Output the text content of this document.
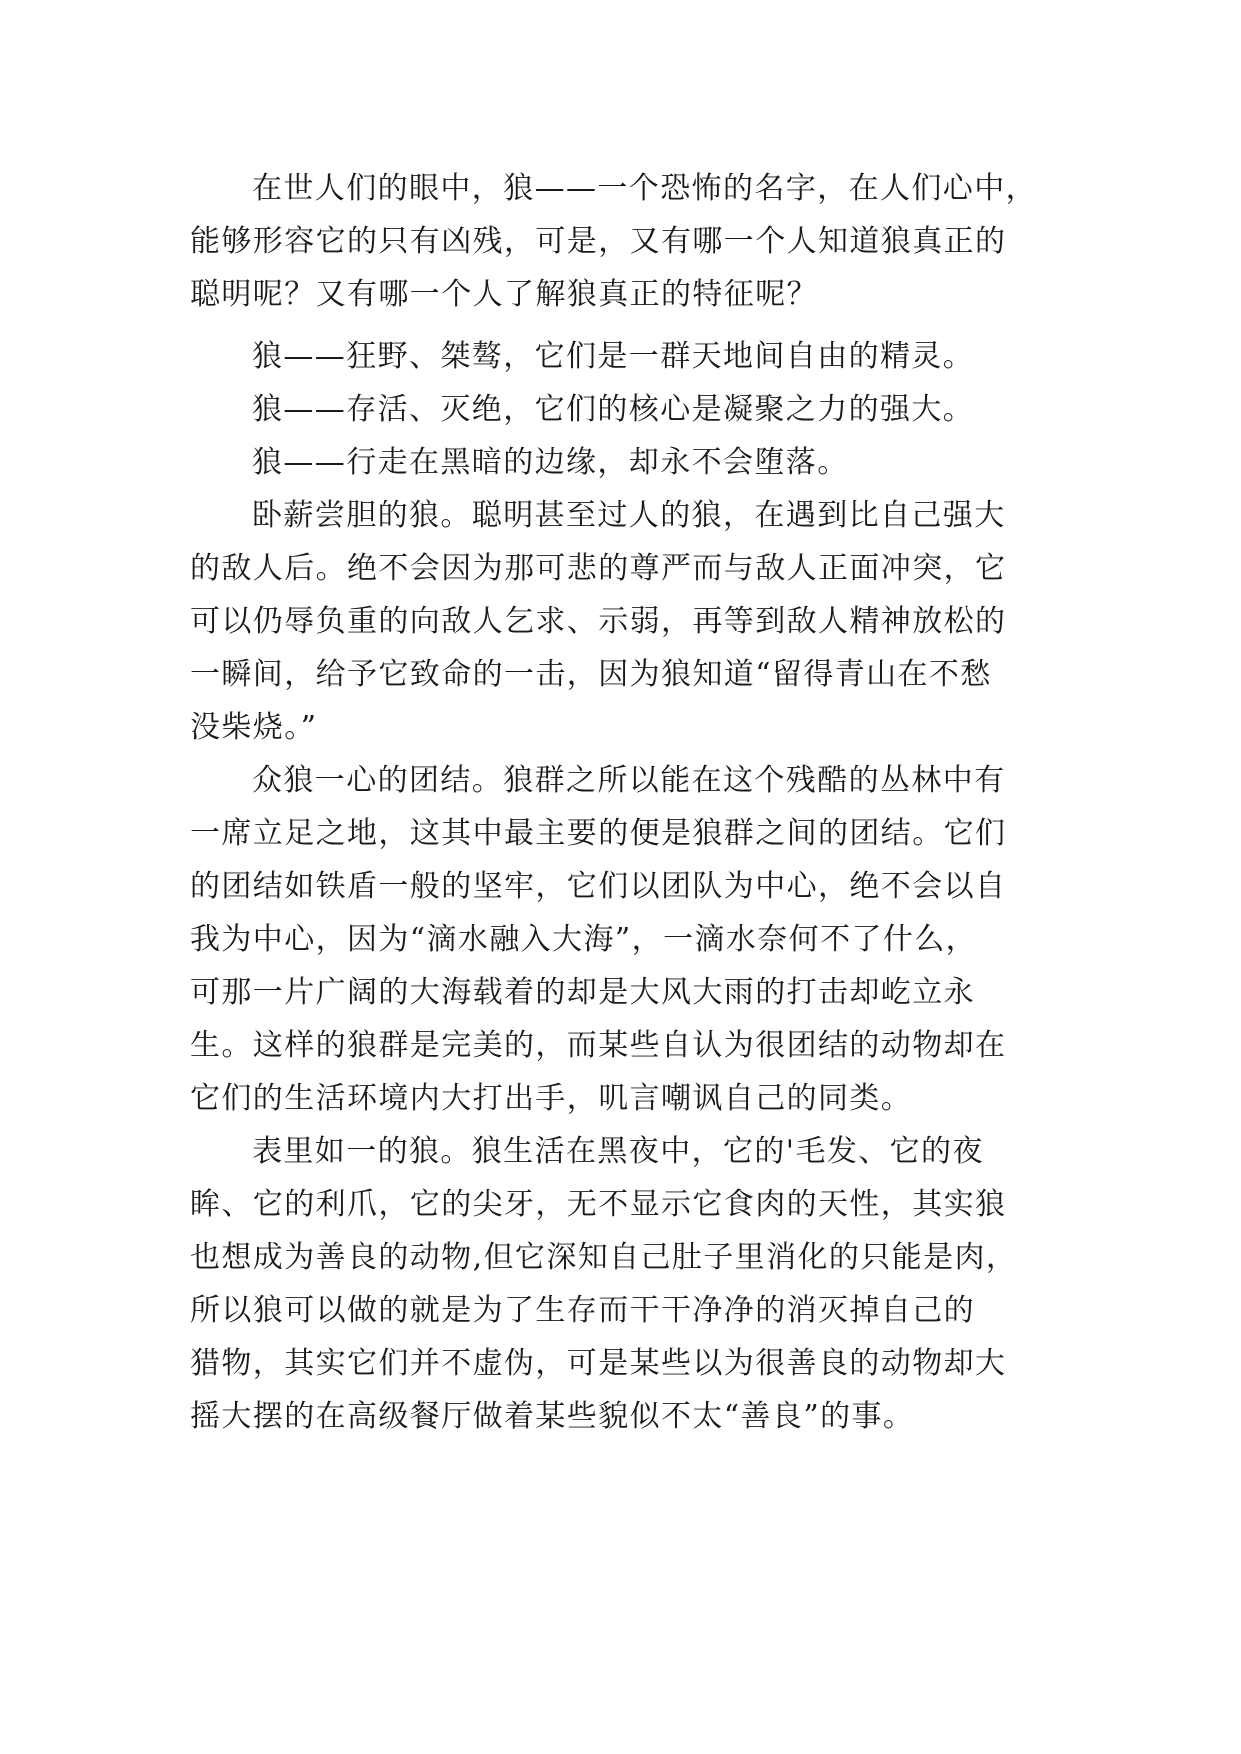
在世人们的眼中，狼——一个恐怖的名字，在人们心中，
能够形容它的只有凶残，可是，又有哪一个人知道狼真正的
聪明呢？又有哪一个人了解狼真正的特征呢？
狼——狂野、桀骜，它们是一群天地间自由的精灵。
狼——存活、灭绝，它们的核心是凝聚之力的强大。
狼——行走在黑暗的边缘，却永不会堕落。
卧薪尝胆的狼。聪明甚至过人的狼，在遇到比自己强大
的敌人后。绝不会因为那可悲的尊严而与敌人正面冲突，它
可以仍辱负重的向敌人乞求、示弱，再等到敌人精神放松的
一瞬间，给予它致命的一击，因为狼知道“留得青山在不愁
没柴烧。”
众狼一心的团结。狼群之所以能在这个残酷的丛林中有
一席立足之地，这其中最主要的便是狼群之间的团结。它们
的团结如铁盾一般的坚牢，它们以团队为中心，绝不会以自
我为中心，因为“滴水融入大海”，一滴水奈何不了什么，
可那一片广阔的大海载着的却是大风大雨的打击却屹立永
生。这样的狼群是完美的，而某些自认为很团结的动物却在
它们的生活环境内大打出手，叽言嘲讽自己的同类。
表里如一的狼。狼生活在黑夜中，它的'毛发、它的夜
眸、它的利爪，它的尖牙，无不显示它食肉的天性，其实狼
也想成为善良的动物,但它深知自己肚子里消化的只能是肉，
所以狼可以做的就是为了生存而干干净净的消灭掉自己的
猎物，其实它们并不虚伪，可是某些以为很善良的动物却大
摇大摆的在高级餐厅做着某些貌似不太“善良”的事。
